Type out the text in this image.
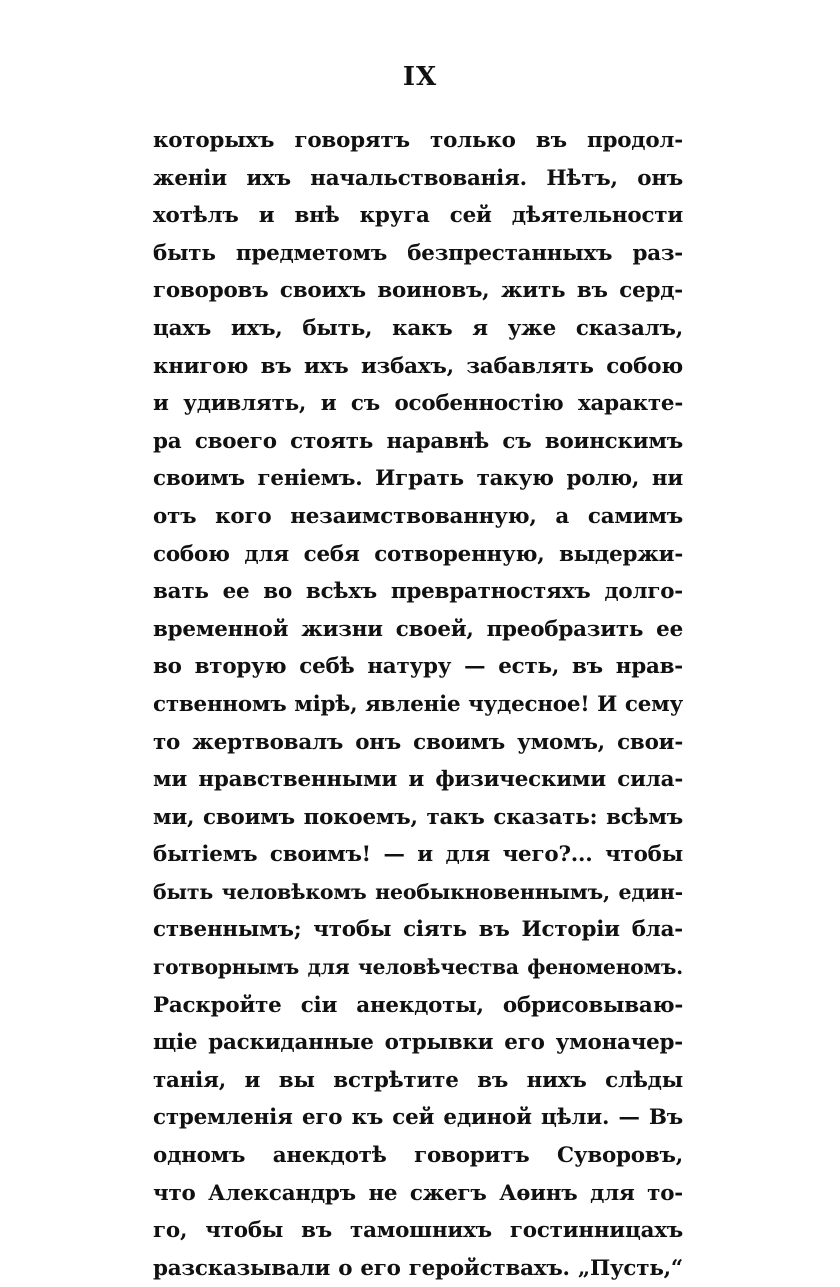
IX
которыхъ говорятъ только въ продол-
женіи ихъ начальствованія. Нѣтъ, онъ
хотѣлъ и внѣ круга сей дѣятельности
быть предметомъ безпрестанныхъ раз-
говоровъ своихъ воиновъ, жить въ серд-
цахъ ихъ, быть, какъ я уже сказалъ,
книгою въ ихъ избахъ, забавлять собою
и удивлять, и съ особенностію характе-
ра своего стоять наравнѣ съ воинскимъ
своимъ геніемъ. Играть такую ролю, ни
отъ кого незаимствованную, а самимъ
собою для себя сотворенную, выдержи-
вать ее во всѣхъ превратностяхъ долго-
временной жизни своей, преобразить ее
во вторую себѣ натуру — есть, въ нрав-
ственномъ мірѣ, явленіе чудесное! И сему
то жертвовалъ онъ своимъ умомъ, свои-
ми нравственными и физическими сила-
ми, своимъ покоемъ, такъ сказать: всѣмъ
бытіемъ своимъ! — и для чего?... чтобы
быть человѣкомъ необыкновеннымъ, един-
ственнымъ; чтобы сіять въ Исторіи бла-
готворнымъ для человѣчества феноменомъ.
Раскройте сіи анекдоты, обрисовываю-
щіе раскиданные отрывки его умоначер-
танія, и вы встрѣтите въ нихъ слѣды
стремленія его къ сей единой цѣли. — Въ
одномъ анекдотѣ говоритъ Суворовъ,
что Александръ не сжегъ Аѳинъ для то-
го, чтобы въ тамошнихъ гостинницахъ
разсказывали о его геройствахъ. „Пусть,“
